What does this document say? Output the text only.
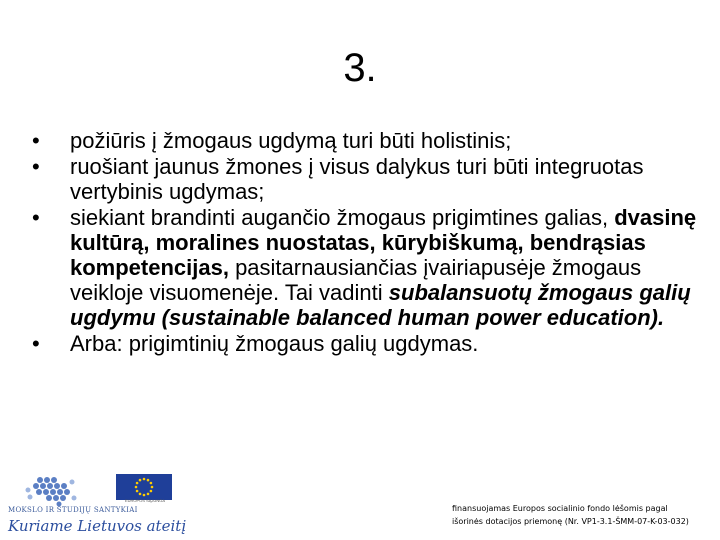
3.
• požiūris į žmogaus ugdymą turi būti holistinis;
• ruošiant jaunus žmones į visus dalykus turi būti integruotas vertybinis ugdymas;
• siekiant brandinti augančio žmogaus prigimtines galias, dvasinę kultūrą, moralines nuostatas, kūrybiškumą, bendrąsias kompetencijas, pasitarnausiančias įvairiapusėje žmogaus veikloje visuomenėje. Tai vadinti subalansuotų žmogaus galių ugdymu (sustainable balanced human power education).
• Arba: prigimtinių žmogaus galių ugdymas.
MOKSLO IR STUDIJŲ SANTYKIAI
Kuriame Lietuvos ateitį
EUROPOS SĄJUNGA
finansuojamas Europos socialinio fondo lėšomis pagal
išorinės dotacijos priemonę (Nr. VP1-3.1-ŠMM-07-K-03-032)
